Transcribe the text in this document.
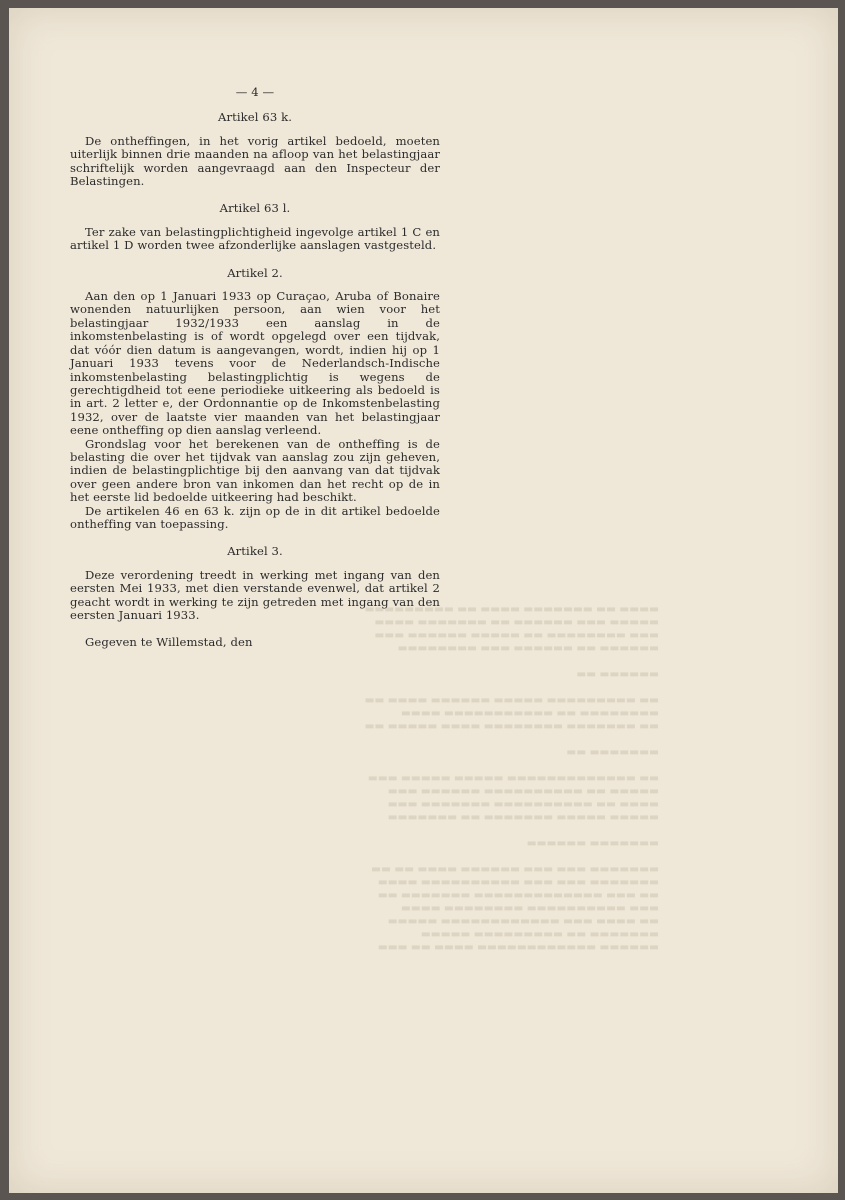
▬▬▬▬ ▬▬ ▬▬▬▬▬▬▬ ▬▬▬▬ ▬▬ ▬▬▬▬▬▬▬▬▬
▬▬▬▬▬ ▬▬▬ ▬▬▬▬▬▬ ▬▬ ▬▬▬▬▬▬▬ ▬▬▬▬
▬▬▬ ▬▬▬▬▬▬▬▬ ▬▬ ▬▬▬▬▬ ▬▬▬▬▬▬ ▬▬▬
▬▬▬▬▬▬ ▬▬ ▬▬▬▬▬▬ ▬▬▬ ▬▬▬▬▬▬▬▬

▬▬▬▬▬▬ ▬▬

▬▬ ▬▬▬▬▬▬▬▬▬ ▬▬▬▬▬ ▬▬▬▬▬▬ ▬▬▬▬ ▬▬
▬▬▬▬▬▬▬▬ ▬▬ ▬▬▬▬▬▬▬▬▬▬▬ ▬▬▬▬
▬▬ ▬▬▬▬▬▬▬ ▬▬▬▬▬▬▬▬ ▬▬▬▬ ▬▬▬▬▬ ▬▬

▬▬▬▬▬▬▬ ▬▬

▬▬ ▬▬▬▬▬▬▬▬▬▬▬▬▬ ▬▬▬▬▬ ▬▬▬▬▬ ▬▬▬
▬▬▬▬▬ ▬▬ ▬▬▬▬▬▬▬▬▬▬ ▬▬▬▬▬▬ ▬▬▬
▬▬▬▬ ▬▬ ▬▬▬▬▬▬▬▬▬▬ ▬▬▬▬▬▬▬ ▬▬▬
▬▬▬▬▬ ▬▬▬▬▬ ▬▬▬▬▬▬▬ ▬▬ ▬▬▬▬▬▬▬

▬▬▬▬▬▬▬ ▬▬▬▬▬▬

▬▬▬▬▬▬▬ ▬▬▬ ▬▬▬ ▬▬▬▬▬▬ ▬▬▬▬ ▬▬ ▬▬
▬▬▬▬▬▬▬ ▬▬▬ ▬▬▬ ▬▬▬▬▬▬▬▬▬▬ ▬▬▬▬
▬▬ ▬▬▬ ▬▬▬▬▬▬▬▬▬▬▬▬▬ ▬▬▬▬▬▬▬ ▬▬
▬▬▬ ▬▬▬▬▬▬▬▬▬▬ ▬▬▬▬▬▬▬▬ ▬▬▬▬
▬▬ ▬▬▬▬ ▬▬▬ ▬▬▬▬▬▬▬▬▬▬▬▬ ▬▬▬▬▬
▬▬▬▬▬▬▬ ▬▬ ▬▬▬▬▬▬▬▬▬ ▬▬▬▬▬
▬▬▬▬▬▬ ▬▬▬▬▬▬▬▬▬▬▬▬ ▬▬▬▬ ▬▬ ▬▬▬

— 4 —

Artikel 63 k.

De ontheffingen, in het vorig artikel bedoeld, moeten uiterlijk binnen drie maanden na afloop van het belastingjaar schriftelijk worden aangevraagd aan den Inspecteur der Belastingen.

Artikel 63 l.

Ter zake van belastingplichtigheid ingevolge artikel 1 C en artikel 1 D worden twee afzonderlijke aanslagen vastgesteld.

Artikel 2.

Aan den op 1 Januari 1933 op Curaçao, Aruba of Bonaire wonenden natuurlijken persoon, aan wien voor het belastingjaar 1932/1933 een aanslag in de inkomstenbelasting is of wordt opgelegd over een tijdvak, dat vóór dien datum is aangevangen, wordt, indien hij op 1 Januari 1933 tevens voor de Nederlandsch-Indische inkomstenbelasting belastingplichtig is wegens de gerechtigdheid tot eene periodieke uitkeering als bedoeld is in art. 2 letter e, der Ordonnantie op de Inkomstenbelasting 1932, over de laatste vier maanden van het belastingjaar eene ontheffing op dien aanslag verleend.

Grondslag voor het berekenen van de ontheffing is de belasting die over het tijdvak van aanslag zou zijn geheven, indien de belastingplichtige bij den aanvang van dat tijdvak over geen andere bron van inkomen dan het recht op de in het eerste lid bedoelde uitkeering had beschikt.

De artikelen 46 en 63 k. zijn op de in dit artikel bedoelde ontheffing van toepassing.

Artikel 3.

Deze verordening treedt in werking met ingang van den eersten Mei 1933, met dien verstande evenwel, dat artikel 2 geacht wordt in werking te zijn getreden met ingang van den eersten Januari 1933.

Gegeven te Willemstad, den
